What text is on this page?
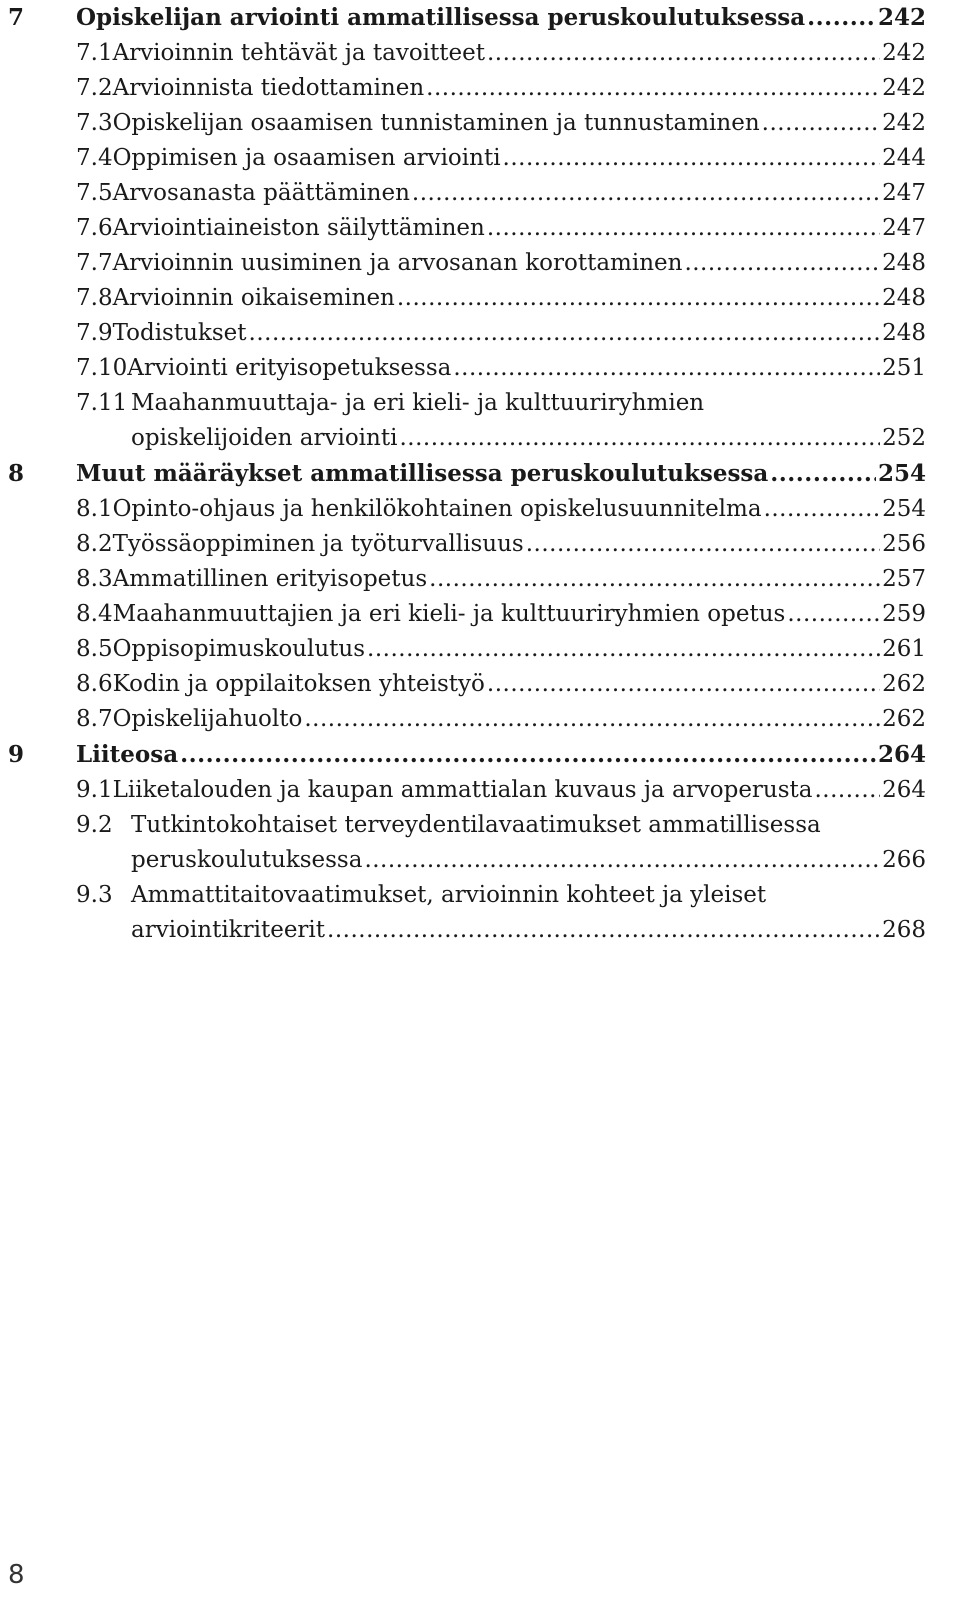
7 Opiskelijan arviointi ammatillisessa peruskoulutuksessa .....	242
7.1 Arvioinnin tehtävät ja tavoitteet .....	242
7.2 Arvioinnista tiedottaminen .....	242
7.3 Opiskelijan osaamisen tunnistaminen ja tunnustaminen .....	242
7.4 Oppimisen ja osaamisen arviointi .....	244
7.5 Arvosanasta päättäminen .....	247
7.6 Arviointiaineiston säilyttäminen .....	247
7.7 Arvioinnin uusiminen ja arvosanan korottaminen .....	248
7.8 Arvioinnin oikaiseminen .....	248
7.9 Todistukset .....	248
7.10 Arviointi erityisopetuksessa .....	251
7.11 Maahanmuuttaja- ja eri kieli- ja kulttuuriryhmien
opiskelijoiden arviointi .....	252
8 Muut määräykset ammatillisessa peruskoulutuksessa .....	254
8.1 Opinto-ohjaus ja henkilökohtainen opiskelusuunnitelma .....	254
8.2 Työssäoppiminen ja työturvallisuus .....	256
8.3 Ammatillinen erityisopetus .....	257
8.4 Maahanmuuttajien ja eri kieli- ja kulttuuriryhmien opetus .....	259
8.5 Oppisopimuskoulutus .....	261
8.6 Kodin ja oppilaitoksen yhteistyö .....	262
8.7 Opiskelijahuolto .....	262
9 Liiteosa .....	264
9.1 Liiketalouden ja kaupan ammattialan kuvaus ja arvoperusta .....	264
9.2 Tutkintokohtaiset terveydentilavaatimukset ammatillisessa
peruskoulutuksessa .....	266
9.3 Ammattitaitovaatimukset, arvioinnin kohteet ja yleiset
arviointikriteerit .....	268
8
